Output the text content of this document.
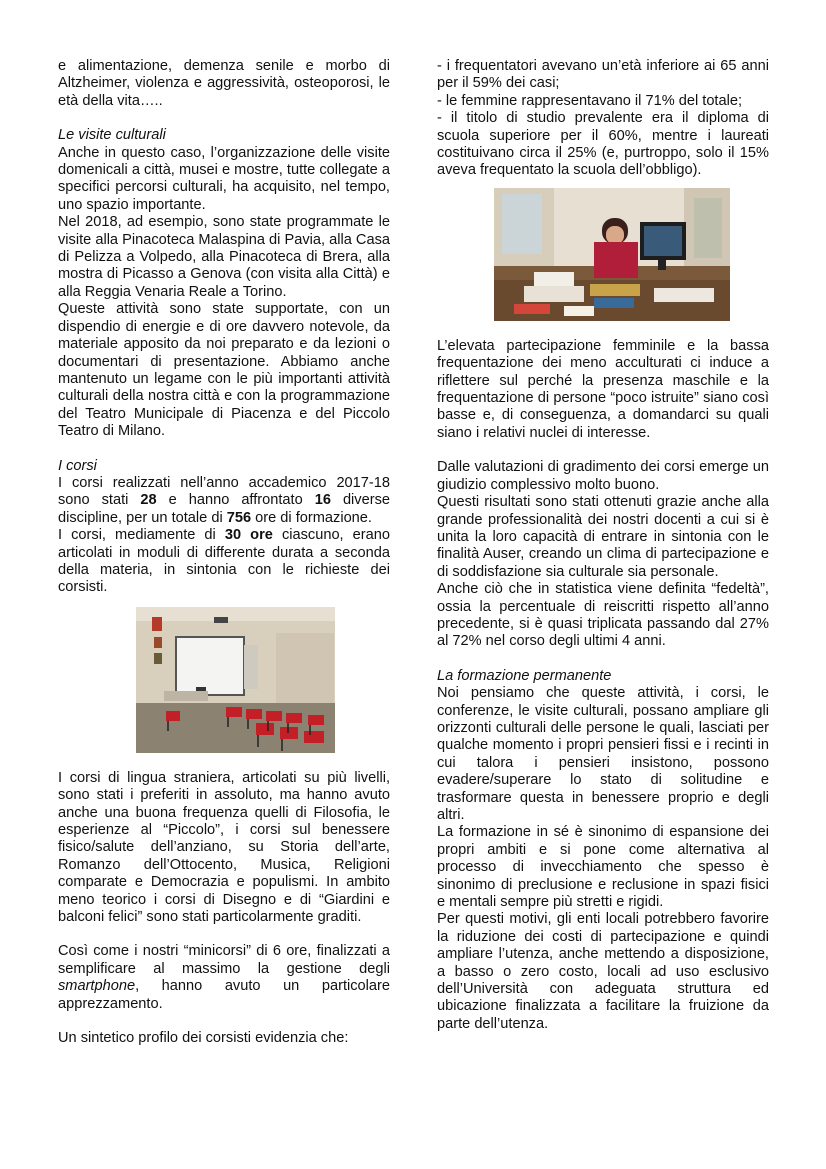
e alimentazione, demenza senile e morbo di Altzheimer, violenza e aggressività, osteoporosi, le età della vita…..

Le visite culturali

Anche in questo caso, l’organizzazione delle visite domenicali a città, musei e mostre, tutte collegate a specifici percorsi culturali, ha acquisito, nel tempo, uno spazio importante.

Nel 2018, ad esempio, sono state programmate le visite alla Pinacoteca Malaspina di Pavia, alla Casa di Pelizza a Volpedo, alla Pinacoteca di Brera, alla mostra di Picasso a Genova (con visita alla Città) e alla Reggia Venaria Reale a Torino.

Queste attività sono state supportate, con un dispendio di energie e di ore davvero notevole, da materiale apposito da noi preparato e da lezioni o documentari di presentazione. Abbiamo anche mantenuto un legame con le più importanti attività culturali della nostra città e con la programmazione del Teatro Municipale di Piacenza e del Piccolo Teatro di Milano.

I corsi

I corsi realizzati nell’anno accademico 2017-18 sono stati 28 e hanno affrontato 16 diverse discipline, per un totale di 756 ore di formazione.

I corsi, mediamente di 30 ore ciascuno, erano articolati in moduli di differente durata a seconda della materia, in sintonia con le richieste dei corsisti.

I corsi di lingua straniera, articolati su più livelli, sono stati i preferiti in assoluto, ma hanno avuto anche una buona frequenza quelli di Filosofia, le esperienze al “Piccolo”, i corsi sul benessere fisico/salute dell’anziano, su Storia dell’arte, Romanzo dell’Ottocento, Musica, Religioni comparate e Democrazia e populismi. In ambito meno teorico i corsi di Disegno e di “Giardini e balconi felici” sono stati particolarmente graditi.

Così come i nostri “minicorsi” di 6 ore, finalizzati a semplificare al massimo la gestione degli smartphone, hanno avuto un particolare apprezzamento.

Un sintetico profilo dei corsisti evidenzia che:

- i frequentatori avevano un’età inferiore ai 65 anni per il 59% dei casi;

- le femmine rappresentavano il 71% del totale;

- il titolo di studio prevalente era il diploma di scuola superiore per il 60%, mentre i laureati costituivano circa il 25% (e, purtroppo, solo il 15% aveva frequentato la scuola dell’obbligo).

L’elevata partecipazione femminile e la bassa frequentazione dei meno acculturati ci induce a riflettere sul perché la presenza maschile e la frequentazione di persone “poco istruite” siano così basse e, di conseguenza, a domandarci su quali siano i relativi nuclei di interesse.

Dalle valutazioni di gradimento dei corsi emerge un giudizio complessivo molto buono.

Questi risultati sono stati ottenuti grazie anche alla grande professionalità dei nostri docenti a cui si è unita la loro capacità di entrare in sintonia con le finalità Auser, creando un clima di partecipazione e di soddisfazione sia culturale sia personale.

Anche ciò che in statistica viene definita “fedeltà”, ossia la percentuale di reiscritti rispetto all’anno precedente, si è quasi triplicata passando dal 27% al 72% nel corso degli ultimi 4 anni.

La formazione permanente

Noi pensiamo che queste attività, i corsi, le conferenze, le visite culturali, possano ampliare gli orizzonti culturali delle persone le quali, lasciati per qualche momento i propri pensieri fissi e i recinti in cui talora i pensieri insistono, possono evadere/superare lo stato di solitudine e trasformare questa in benessere proprio e degli altri.

La formazione in sé è sinonimo di espansione dei propri ambiti e si pone come alternativa al processo di invecchiamento che spesso è sinonimo di preclusione e reclusione in spazi fisici e mentali sempre più stretti e rigidi.

Per questi motivi, gli enti locali potrebbero favorire la riduzione dei costi di partecipazione e quindi ampliare l’utenza, anche mettendo a disposizione, a basso o zero costo, locali ad uso esclusivo dell’Università con adeguata struttura ed ubicazione finalizzata a facilitare la fruizione da parte dell’utenza.
